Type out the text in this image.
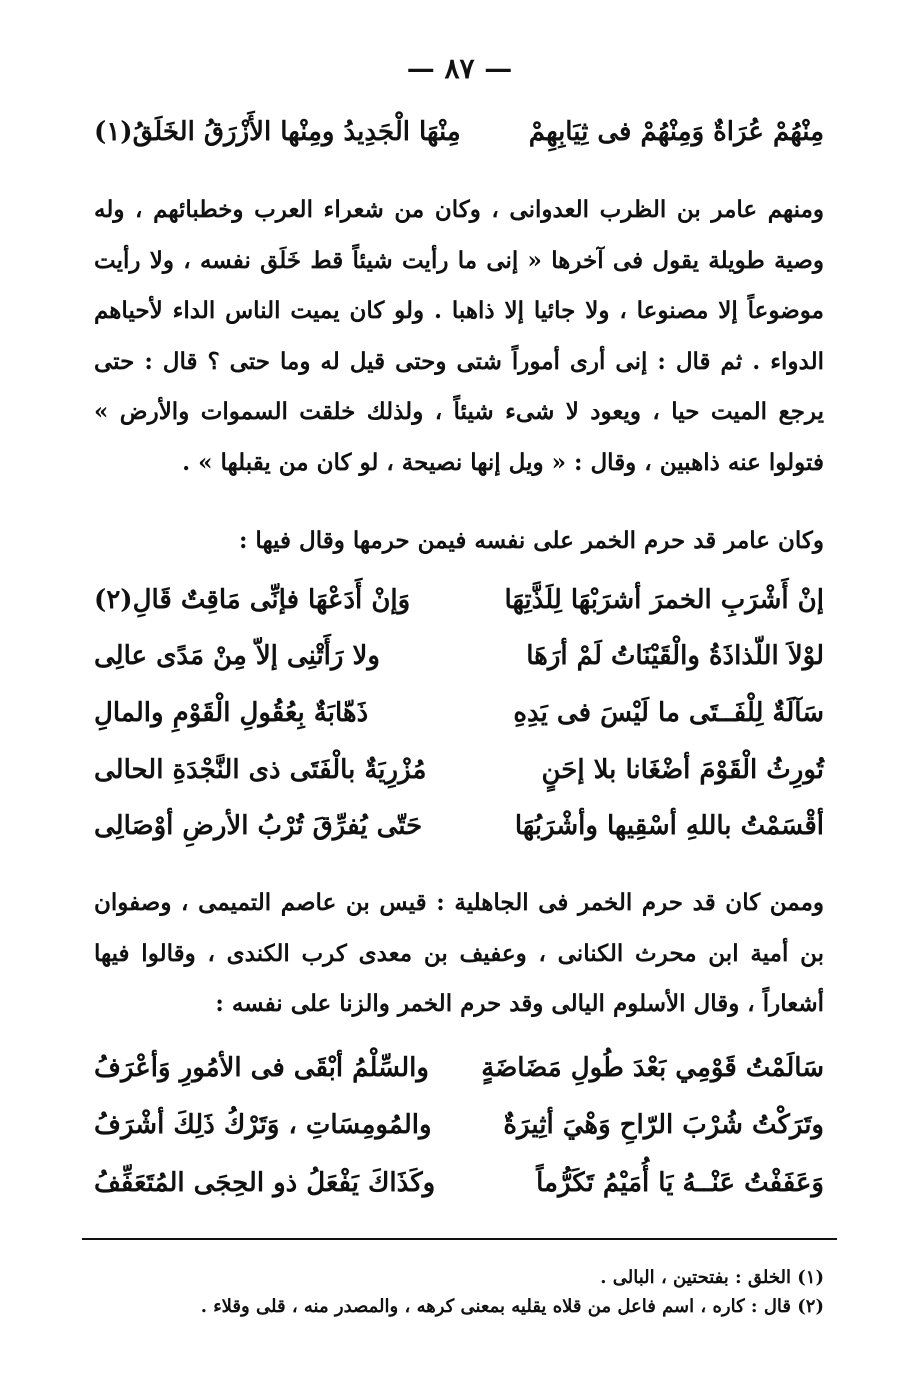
— ٨٧ —
مِنْهُمْ عُرَاةٌ وَمِنْهُمْ فى ثِيَابِهِمْ
مِنْهَا الْجَدِيدُ ومِنْها الأَزْرَقُ الخَلَقُ(١)

ومنهم عامر بن الظرب العدوانى ، وكان من شعراء العرب وخطبائهم ، وله وصية طويلة يقول فى آخرها « إنى ما رأيت شيئاً قط خَلَق نفسه ، ولا رأيت موضوعاً إلا مصنوعا ، ولا جائيا إلا ذاهبا . ولو كان يميت الناس الداء لأحياهم الدواء . ثم قال : إنى أرى أموراً شتى وحتى قيل له وما حتى ؟ قال : حتى يرجع الميت حيا ، ويعود لا شىء شيئاً ، ولذلك خلقت السموات والأرض » فتولوا عنه ذاهبين ، وقال : « ويل إنها نصيحة ، لو كان من يقبلها » .

وكان عامر قد حرم الخمر على نفسه فيمن حرمها وقال فيها :

إنْ أَشْرَبِ الخمرَ أشرَبْهَا لِلَذَّتِهَا
وَإنْ أَدَعْهَا فإنِّى مَاقِتٌ قَالِ(٢)
لوْلاَ اللّذاذَةُ والْقَيْنَاتُ لَمْ أرَهَا
ولا رَأَتْنِى إلاّ مِنْ مَدًى عالِى
سَآلَةٌ لِلْفَــتَى ما لَيْسَ فى يَدِهِ
ذَهّابَةٌ بِعُقُولِ الْقَوْمِ والمالِ
تُورِثُ الْقَوْمَ أضْغَانا بلا إحَنٍ
مُزْرِيَةٌ بالْفَتَى ذى النَّجْدَةِ الحالى
أقْسَمْتُ باللهِ أسْقِيها وأشْرَبُهَا
حَتّى يُفرِّقَ تُرْبُ الأرضِ أوْصَالِى

وممن كان قد حرم الخمر فى الجاهلية : قيس بن عاصم التميمى ، وصفوان بن أمية ابن محرث الكنانى ، وعفيف بن معدى كرب الكندى ، وقالوا فيها أشعاراً ، وقال الأسلوم اليالى وقد حرم الخمر والزنا على نفسه :

سَالَمْتُ قَوْمِي بَعْدَ طُولِ مَضَاضَةٍ
والسِّلْمُ أبْقَى فى الأمُورِ وَأعْرَفُ
وتَرَكْتُ شُرْبَ الرّاحِ وَهْيَ أثِيرَةٌ
والمُومِسَاتِ ، وَتَرْكُ ذَلِكَ أشْرَفُ
وَعَفَفْتُ عَنْــهُ يَا أُمَيْمُ تَكَرُّماً
وكَذَاكَ يَفْعَلُ ذو الحِجَى المُتَعَفِّفُ

(١) الخلق : بفتحتين ، البالى .

(٢) قال : كاره ، اسم فاعل من قلاه يقليه بمعنى كرهه ، والمصدر منه ، قلى وقلاء .
